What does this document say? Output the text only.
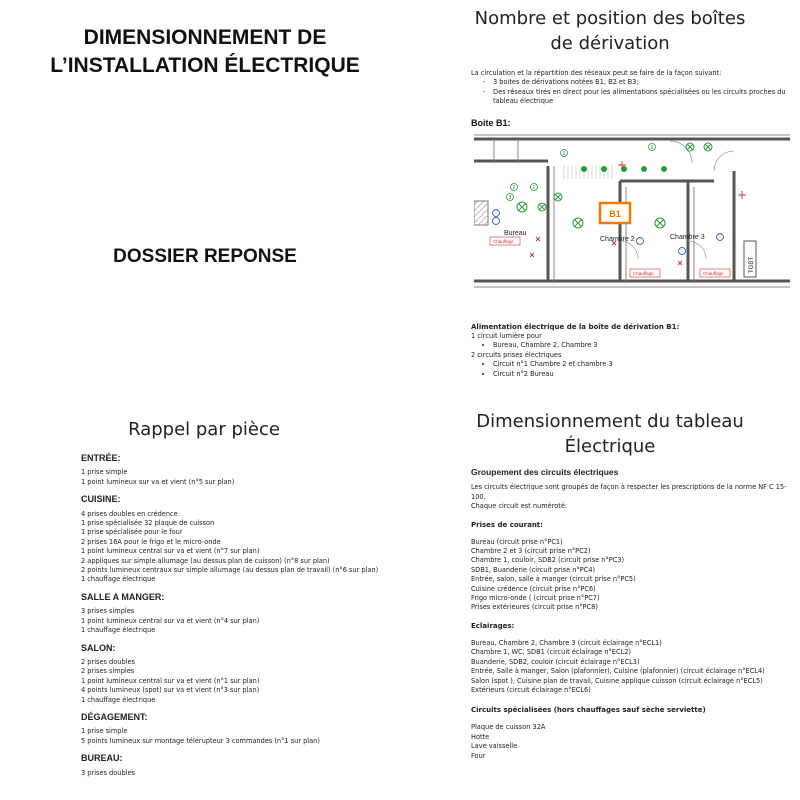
DIMENSIONNEMENT DE
L’INSTALLATION ÉLECTRIQUE
DOSSIER REPONSE
Nombre et position des boîtes
de dérivation
La circulation et la répartition des réseaux peut se faire de la façon suivant:
- 3 boites de dérivations notées B1, B2 et B3;
- Des réseaux tirés en direct pour les alimentations spécialisées ou les circuits proches du tableau électrique
Boite B1:
B1
3
2	1
3
3
Chauffage
Chauffage	Chauffage
Bureau
Chambre 2	Chambre 3
TGBT
Alimentation électrique de la boîte de dérivation B1:
1 circuit lumière pour
• Bureau, Chambre 2, Chambre 3
2 circuits prises électriques
• Circuit n°1 Chambre 2 et chambre 3
• Circuit n°2 Bureau
Rappel par pièce
ENTRÉE:
1 prise simple
1 point lumineux sur va et vient (n°5 sur plan)
CUISINE:
4 prises doubles en crédence
1 prise spécialisée 32 plaque de cuisson
1 prise spécialisée pour le four
2 prises 16A pour le frigo et le micro-onde
1 point lumineux central sur va et vient (n°7 sur plan)
2 appliques sur simple allumage (au dessus plan de cuisson) (n°8 sur plan)
2 points lumineux centraux sur simple allumage (au dessus plan de travail) (n°6 sur plan)
1 chauffage électrique
SALLE A MANGER:
3 prises simples
1 point lumineux central sur va et vient (n°4 sur plan)
1 chauffage électrique
SALON:
2 prises doubles
2 prises simples
1 point lumineux central sur va et vient (n°1 sur plan)
4 points lumineux (spot) sur va et vient (n°3 sur plan)
1 chauffage électrique
DÉGAGEMENT:
1 prise simple
5 points lumineux sur montage télérupteur 3 commandes (n°1 sur plan)
BUREAU:
3 prises doubles
Dimensionnement du tableau
Électrique
Groupement des circuits électriques
Les circuits électrique sont groupés de façon à respecter les prescriptions de la norme NF C 15-100.
Chaque circuit est numéroté:
Prises de courant:
Bureau (circuit prise n°PC1)
Chambre 2 et 3 (circuit prise n°PC2)
Chambre 1, couloir, SDB2 (circuit prise n°PC3)
SDB1, Buanderie (circuit prise n°PC4)
Entrée, salon, salle à manger (circuit prise n°PC5)
Cuisine crédence (circuit prise n°PC6)
Frigo micro-onde ( (circuit prise n°PC7)
Prises extérieures (circuit prise n°PC8)
Eclairages:
Bureau, Chambre 2, Chambre 3 (circuit éclairage n°ECL1)
Chambre 1, WC, SDB1 (circuit éclairage n°ECL2)
Buanderie, SDB2, couloir (circuit éclairage n°ECL3)
Entrée, Salle à manger, Salon (plafonnier), Cuisine (plafonnier) (circuit éclairage n°ECL4)
Salon (spot ), Cuisine plan de travail, Cuisine applique cuisson (circuit éclairage n°ECL5)
Extérieurs (circuit éclairage n°ECL6)
Circuits spécialisées (hors chauffages sauf sèche serviette)
Plaque de cuisson 32A
Hotte
Lave vaisselle
Four
